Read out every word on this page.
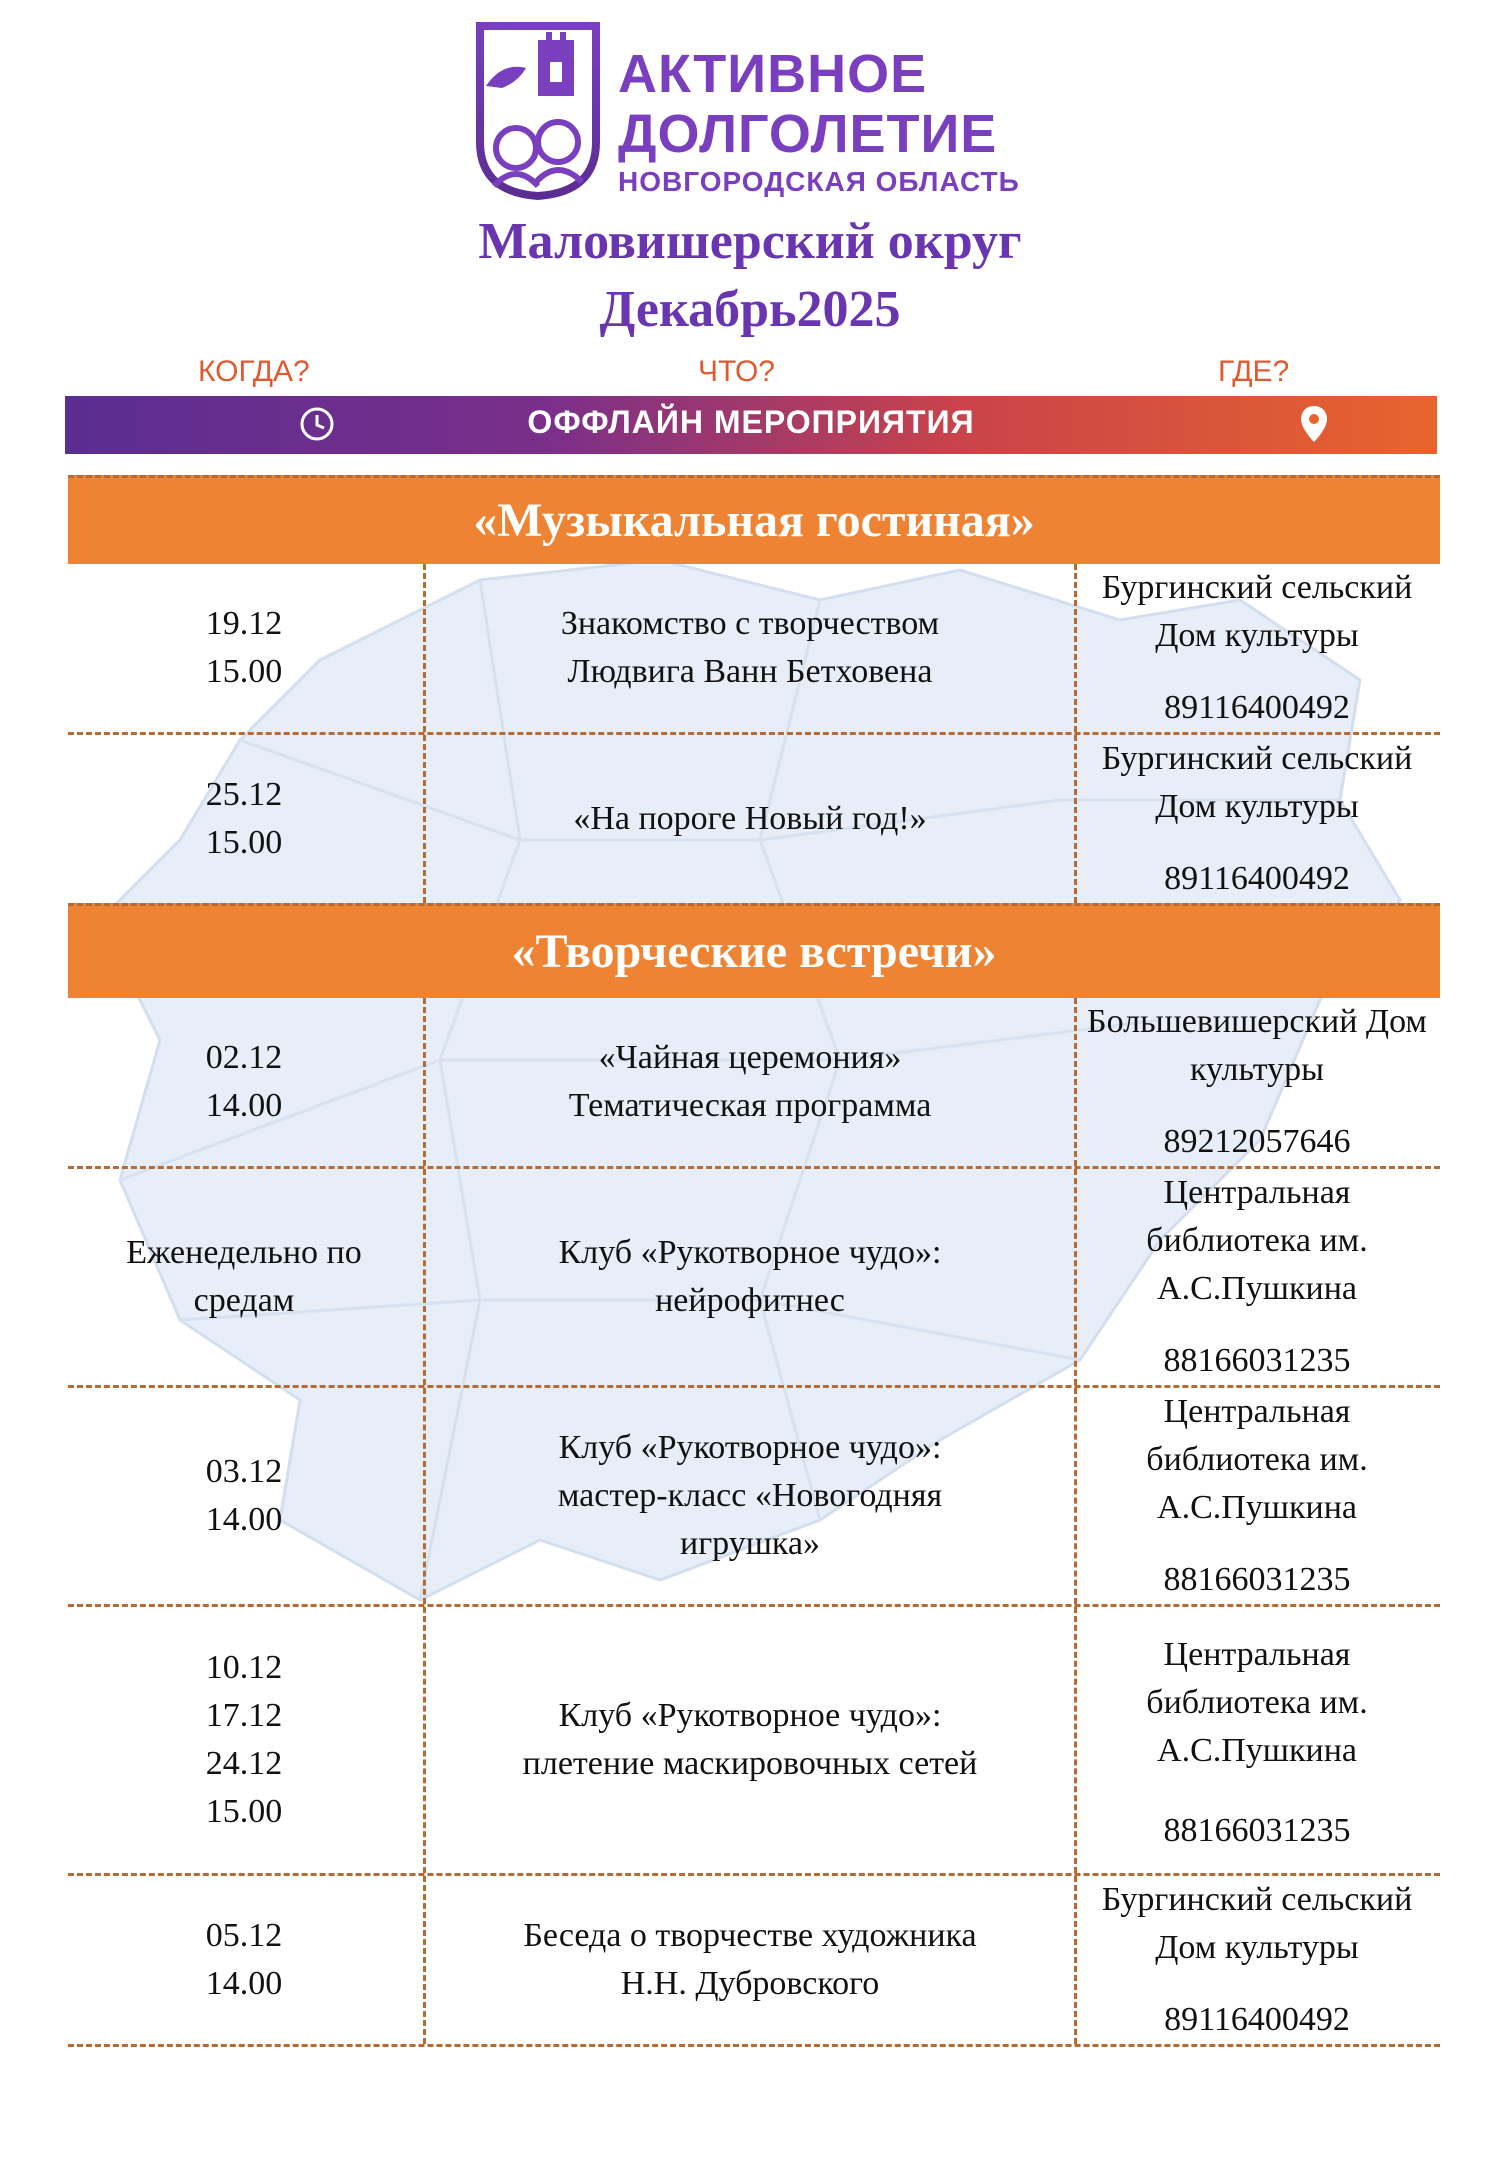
АКТИВНОЕ
ДОЛГОЛЕТИЕ
НОВГОРОДСКАЯ ОБЛАСТЬ
Маловишерский округ
Декабрь2025
КОГДА?	ЧТО?	ГДЕ?
ОФФЛАЙН МЕРОПРИЯТИЯ
«Музыкальная гостиная»
19.12
15.00
Знакомство с творчеством
Людвига Ванн Бетховена
Бургинский сельский
Дом культуры
89116400492
25.12
15.00
«На пороге Новый год!»
Бургинский сельский
Дом культуры
89116400492
«Творческие встречи»
02.12
14.00
«Чайная церемония»
Тематическая программа
Большевишерский Дом
культуры
89212057646
Еженедельно по
средам
Клуб «Рукотворное чудо»:
нейрофитнес
Центральная
библиотека им.
А.С.Пушкина
88166031235
03.12
14.00
Клуб «Рукотворное чудо»:
мастер-класс «Новогодняя
игрушка»
Центральная
библиотека им.
А.С.Пушкина
88166031235
10.12
17.12
24.12
15.00
Клуб «Рукотворное чудо»:
плетение маскировочных сетей
Центральная
библиотека им.
А.С.Пушкина
88166031235
05.12
14.00
Беседа о творчестве художника
Н.Н. Дубровского
Бургинский сельский
Дом культуры
89116400492
